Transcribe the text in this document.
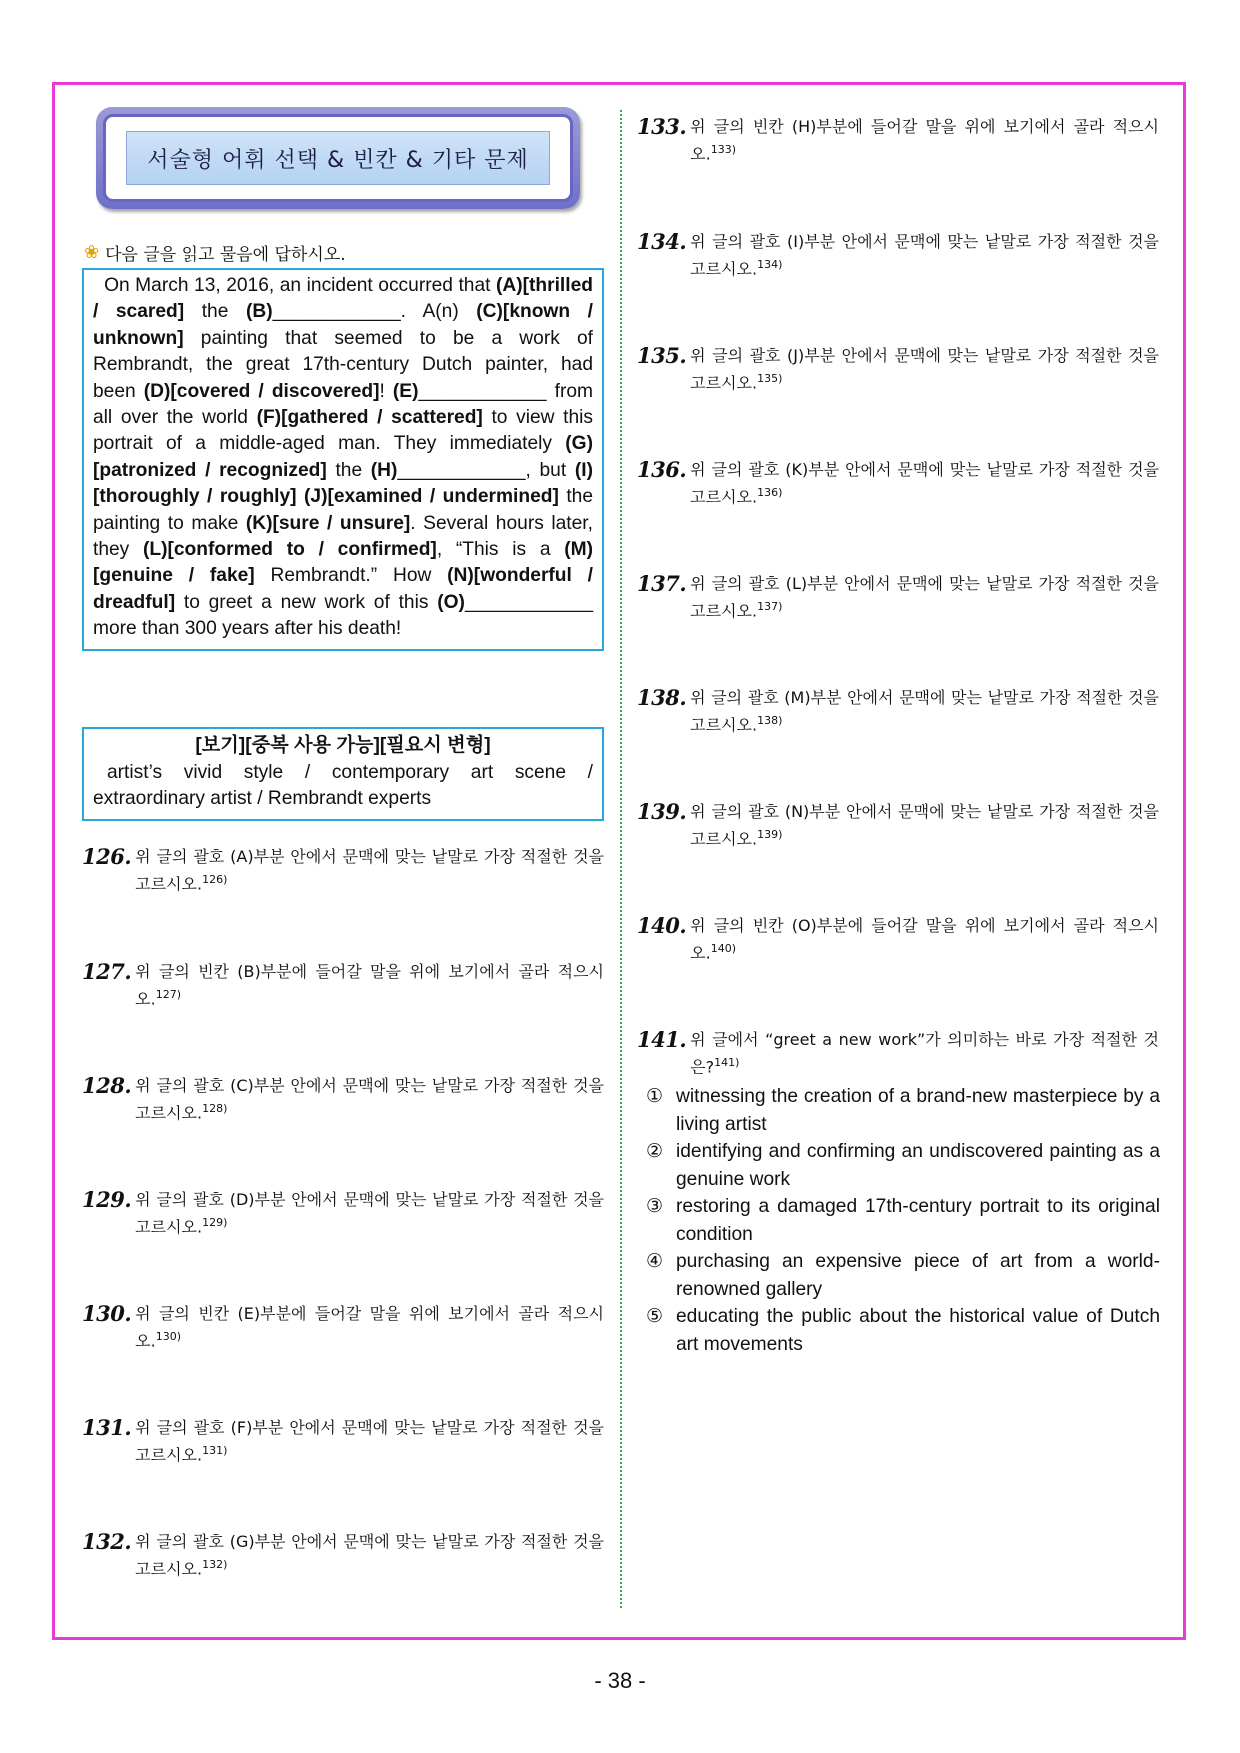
서술형 어휘 선택 & 빈칸 & 기타 문제
❀ 다음 글을 읽고 물음에 답하시오.
On March 13, 2016, an incident occurred that (A)[thrilled / scared] the (B)____________. A(n) (C)[known / unknown] painting that seemed to be a work of Rembrandt, the great 17th-century Dutch painter, had been (D)[covered / discovered]! (E)____________ from all over the world (F)[gathered / scattered] to view this portrait of a middle-aged man. They immediately (G)[patronized / recognized] the (H)____________, but (I)[thoroughly / roughly] (J)[examined / undermined] the painting to make (K)[sure / unsure]. Several hours later, they (L)[conformed to / confirmed], “This is a (M)[genuine / fake] Rembrandt.” How (N)[wonderful / dreadful] to greet a new work of this (O)____________ more than 300 years after his death!
[보기][중복 사용 가능][필요시 변형]
artist’s vivid style / contemporary art scene / extraordinary artist / Rembrandt experts
① witnessing the creation of a brand-new masterpiece by a living artist
② identifying and confirming an undiscovered painting as a genuine work
③ restoring a damaged 17th-century portrait to its original condition
④ purchasing an expensive piece of art from a world-renowned gallery
⑤ educating the public about the historical value of Dutch art movements
- 38 -
126. 위 글의 괄호 (A)부분 안에서 문맥에 맞는 낱말로 가장 적절한 것을 고르시오.$^{126)}$
127. 위 글의 빈칸 (B)부분에 들어갈 말을 위에 보기에서 골라 적으시오.$^{127)}$
128. 위 글의 괄호 (C)부분 안에서 문맥에 맞는 낱말로 가장 적절한 것을 고르시오.$^{128)}$
129. 위 글의 괄호 (D)부분 안에서 문맥에 맞는 낱말로 가장 적절한 것을 고르시오.$^{129)}$
130. 위 글의 빈칸 (E)부분에 들어갈 말을 위에 보기에서 골라 적으시오.$^{130)}$
131. 위 글의 괄호 (F)부분 안에서 문맥에 맞는 낱말로 가장 적절한 것을 고르시오.$^{131)}$
132. 위 글의 괄호 (G)부분 안에서 문맥에 맞는 낱말로 가장 적절한 것을 고르시오.$^{132)}$
133. 위 글의 빈칸 (H)부분에 들어갈 말을 위에 보기에서 골라 적으시오.$^{133)}$
134. 위 글의 괄호 (I)부분 안에서 문맥에 맞는 낱말로 가장 적절한 것을 고르시오.$^{134)}$
135. 위 글의 괄호 (J)부분 안에서 문맥에 맞는 낱말로 가장 적절한 것을 고르시오.$^{135)}$
136. 위 글의 괄호 (K)부분 안에서 문맥에 맞는 낱말로 가장 적절한 것을 고르시오.$^{136)}$
137. 위 글의 괄호 (L)부분 안에서 문맥에 맞는 낱말로 가장 적절한 것을 고르시오.$^{137)}$
138. 위 글의 괄호 (M)부분 안에서 문맥에 맞는 낱말로 가장 적절한 것을 고르시오.$^{138)}$
139. 위 글의 괄호 (N)부분 안에서 문맥에 맞는 낱말로 가장 적절한 것을 고르시오.$^{139)}$
140. 위 글의 빈칸 (O)부분에 들어갈 말을 위에 보기에서 골라 적으시오.$^{140)}$
141. 위 글에서 “greet a new work”가 의미하는 바로 가장 적절한 것은?$^{141)}$
